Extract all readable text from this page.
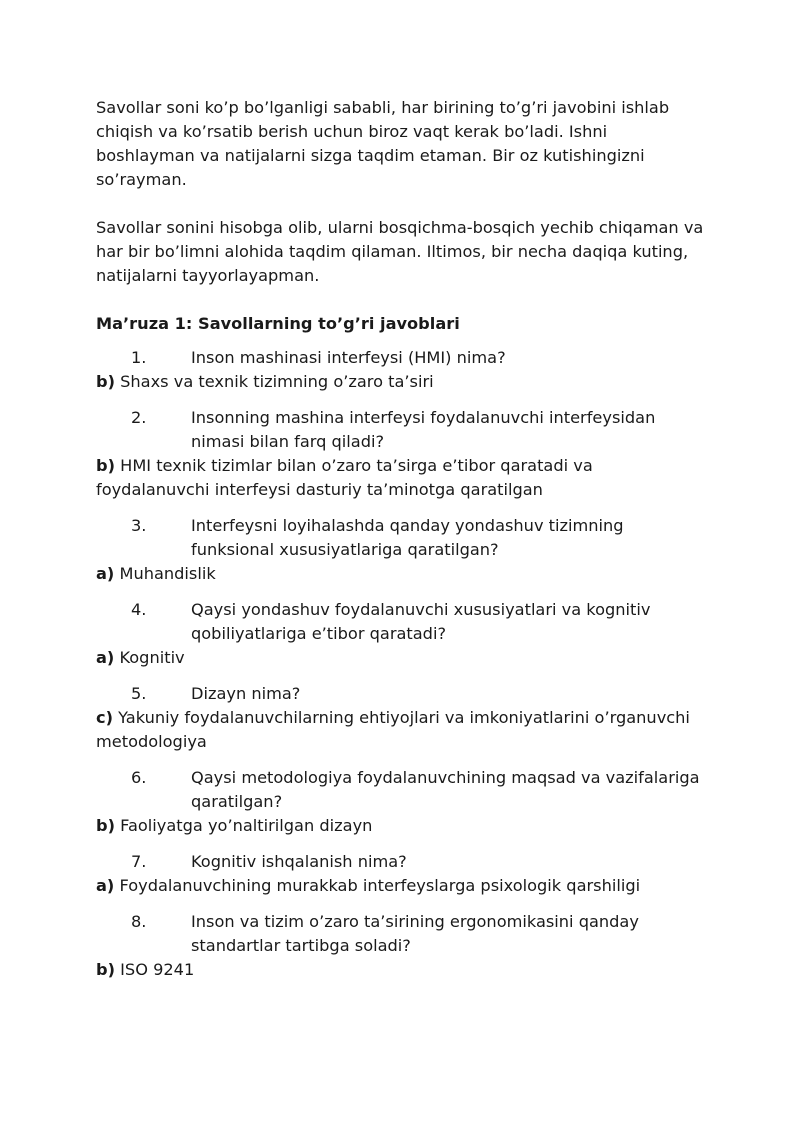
Savollar soni ko’p bo’lganligi sababli, har birining to’g’ri javobini ishlab chiqish va ko’rsatib berish uchun biroz vaqt kerak bo’ladi. Ishni boshlayman va natijalarni sizga taqdim etaman. Bir oz kutishingizni so’rayman.

Savollar sonini hisobga olib, ularni bosqichma-bosqich yechib chiqaman va har bir bo’limni alohida taqdim qilaman. Iltimos, bir necha daqiqa kuting, natijalarni tayyorlayapman.

Ma’ruza 1: Savollarning to’g’ri javoblari

1.	Inson mashinasi interfeysi (HMI) nima?

b) Shaxs va texnik tizimning o’zaro ta’siri

2.	Insonning mashina interfeysi foydalanuvchi interfeysidan nimasi bilan farq qiladi?

b) HMI texnik tizimlar bilan o’zaro ta’sirga e’tibor qaratadi va foydalanuvchi interfeysi dasturiy ta’minotga qaratilgan

3.	Interfeysni loyihalashda qanday yondashuv tizimning funksional xususiyatlariga qaratilgan?

a) Muhandislik

4.	Qaysi yondashuv foydalanuvchi xususiyatlari va kognitiv qobiliyatlariga e’tibor qaratadi?

a) Kognitiv

5.	Dizayn nima?

c) Yakuniy foydalanuvchilarning ehtiyojlari va imkoniyatlarini o’rganuvchi metodologiya

6.	Qaysi metodologiya foydalanuvchining maqsad va vazifalariga qaratilgan?

b) Faoliyatga yo’naltirilgan dizayn

7.	Kognitiv ishqalanish nima?

a) Foydalanuvchining murakkab interfeyslarga psixologik qarshiligi

8.	Inson va tizim o’zaro ta’sirining ergonomikasini qanday standartlar tartibga soladi?

b) ISO 9241
